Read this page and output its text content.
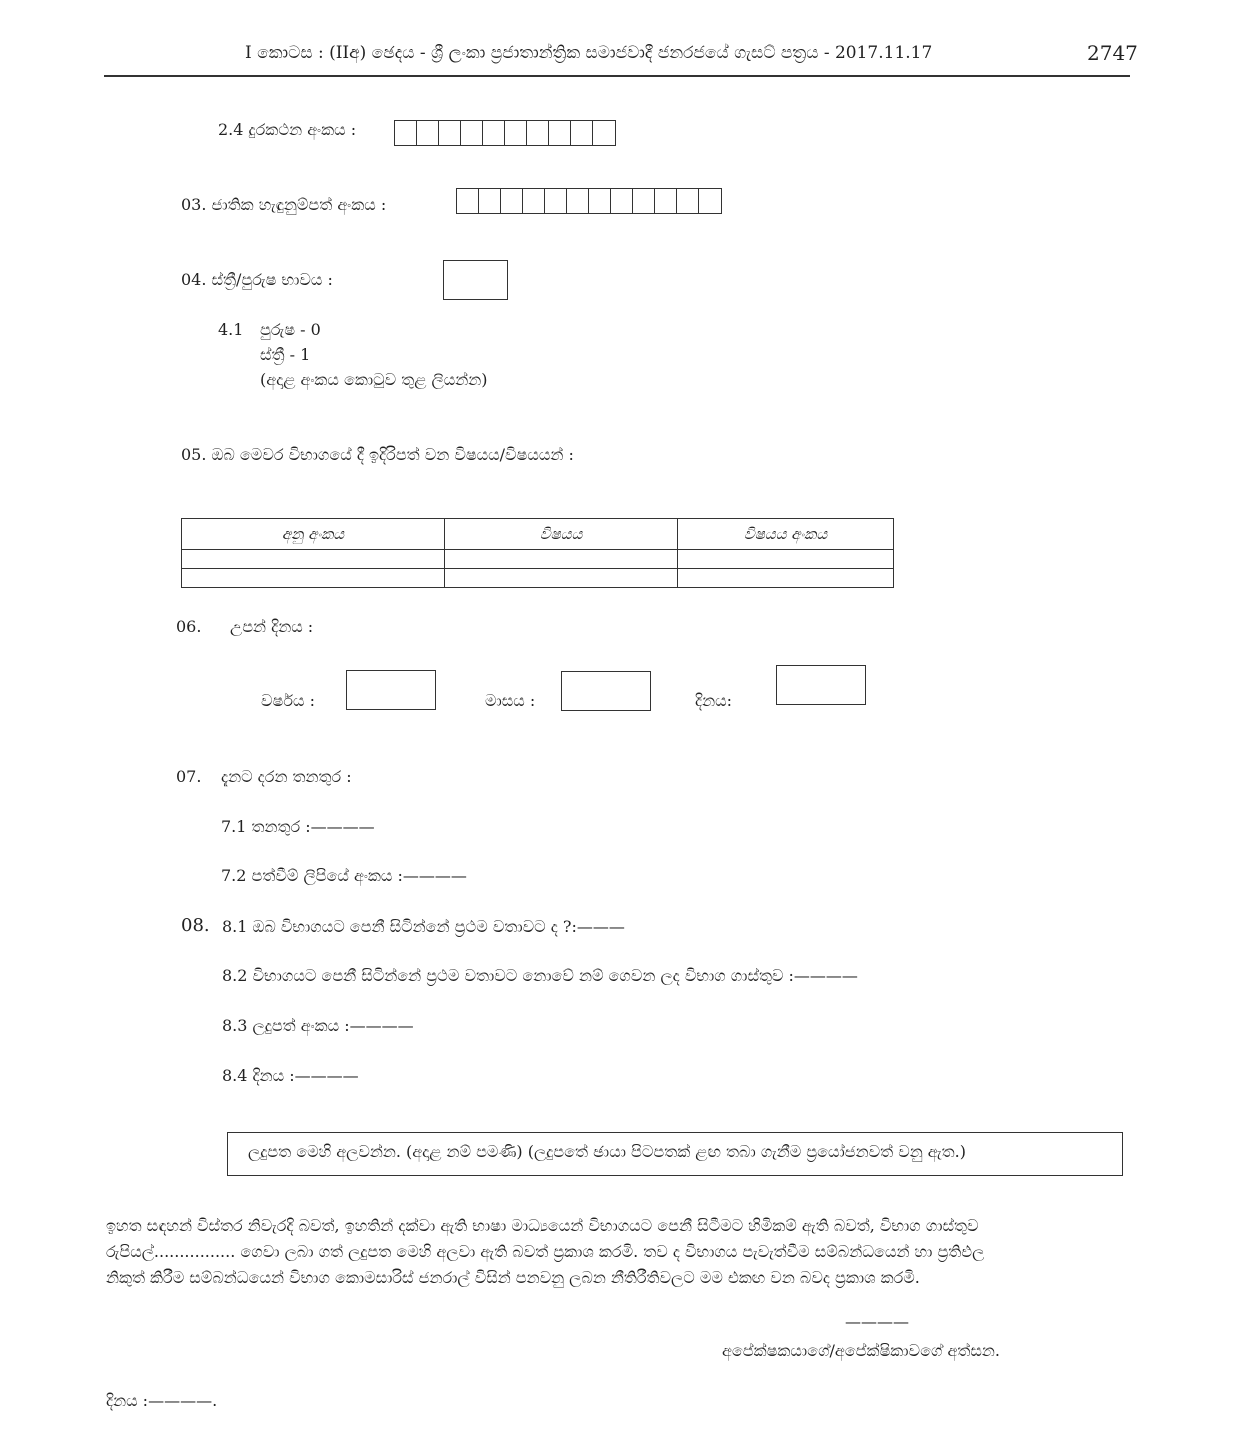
I කොටස : (IIඅ) ඡෙදය - ශ්‍රී ලංකා ප්‍රජාතාන්ත්‍රික සමාජවාදී ජනරජයේ ගැසට් පත්‍රය - 2017.11.17	2747
2.4 දුරකථන අංකය :
03. ජාතික හැඳුනුම්පත් අංකය :
04. ස්ත්‍රී/පුරුෂ භාවය :
4.1 පුරුෂ - 0
ස්ත්‍රී - 1
(අදාළ අංකය කොටුව තුළ ලියන්න)
05. ඔබ මෙවර විභාගයේ දී ඉදිරිපත් වන විෂයය/විෂයයන් :
අනු අංකය	විෂයය	විෂයය අංකය

06. උපන් දිනය :
වර්ෂය :	මාසය :	දිනය:
07. දැනට දරන තනතුර :
7.1 තනතුර :————
7.2 පත්වීම් ලිපියේ අංකය :————
08. 8.1 ඔබ විභාගයට පෙනී සිටින්නේ ප්‍රථම වතාවට ද ?:———
8.2 විභාගයට පෙනී සිටින්නේ ප්‍රථම වතාවට නොවේ නම් ගෙවන ලද විභාග ගාස්තුව :————
8.3 ලදුපත් අංකය :————
8.4 දිනය :————
ලදුපත මෙහි අලවන්න. (අදාළ නම් පමණි) (ලදුපතේ ඡායා පිටපතක් ළඟ තබා ගැනීම ප්‍රයෝජනවත් වනු ඇත.)
ඉහත සඳහන් විස්තර නිවැරදි බවත්, ඉහතින් දක්වා ඇති භාෂා මාධ්‍යයෙන් විභාගයට පෙනී සිටීමට හිමිකම් ඇති බවත්, විභාග ගාස්තුව
රුපියල්................ ගෙවා ලබා ගත් ලදුපත මෙහි අලවා ඇති බවත් ප්‍රකාශ කරමි. තව ද විභාගය පැවැත්වීම සම්බන්ධයෙන් හා ප්‍රතිඵල
නිකුත් කිරීම සම්බන්ධයෙන් විභාග කොමසාරිස් ජනරාල් විසින් පනවනු ලබන නීතිරීතිවලට මම එකඟ වන බවද ප්‍රකාශ කරමි.
————
අපේක්ෂකයාගේ/අපේක්ෂිකාවගේ අත්සන.
දිනය :————.
